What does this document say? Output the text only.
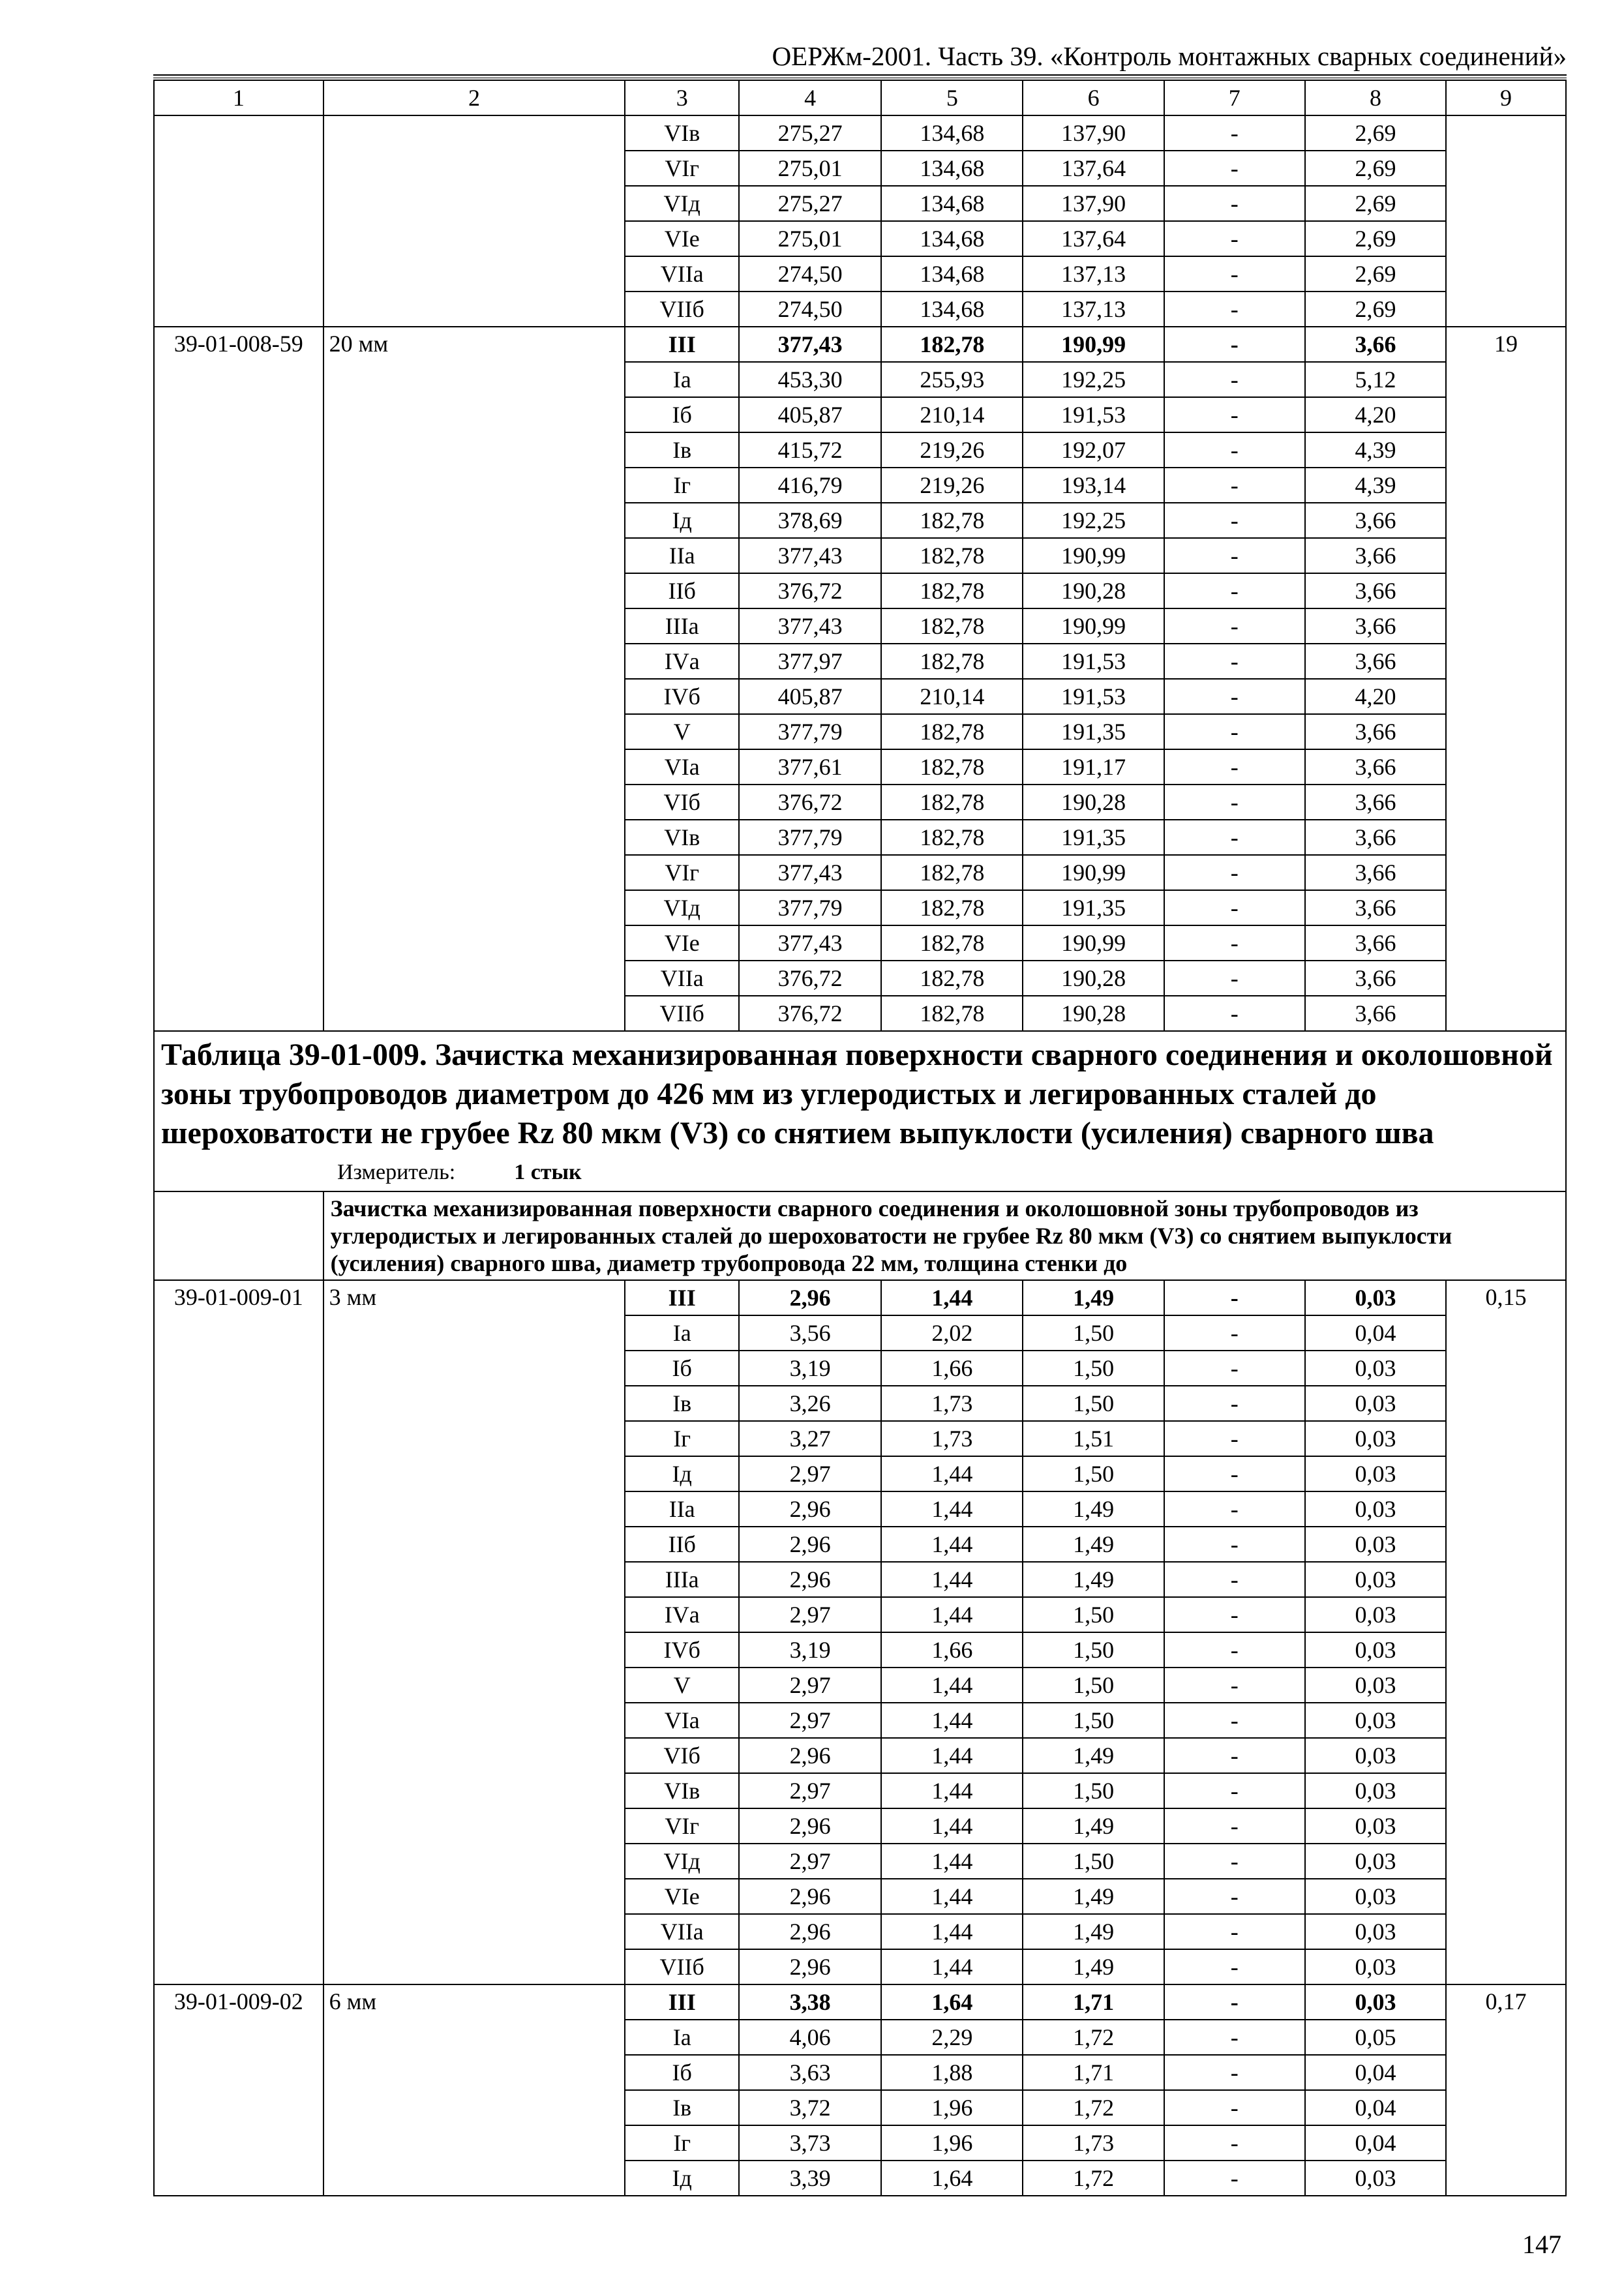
ОЕРЖм-2001. Часть 39. «Контроль монтажных сварных соединений»
1	2	3	4	5	6	7	8	9
		VIв	275,27	134,68	137,90	-	2,69	
		VIг	275,01	134,68	137,64	-	2,69	
		VIд	275,27	134,68	137,90	-	2,69	
		VIе	275,01	134,68	137,64	-	2,69	
		VIIа	274,50	134,68	137,13	-	2,69	
		VIIб	274,50	134,68	137,13	-	2,69	
39-01-008-59	20 мм	III	377,43	182,78	190,99	-	3,66	19
		Iа	453,30	255,93	192,25	-	5,12	
		Iб	405,87	210,14	191,53	-	4,20	
		Iв	415,72	219,26	192,07	-	4,39	
		Iг	416,79	219,26	193,14	-	4,39	
		Iд	378,69	182,78	192,25	-	3,66	
		IIа	377,43	182,78	190,99	-	3,66	
		IIб	376,72	182,78	190,28	-	3,66	
		IIIа	377,43	182,78	190,99	-	3,66	
		IVа	377,97	182,78	191,53	-	3,66	
		IVб	405,87	210,14	191,53	-	4,20	
		V	377,79	182,78	191,35	-	3,66	
		VIа	377,61	182,78	191,17	-	3,66	
		VIб	376,72	182,78	190,28	-	3,66	
		VIв	377,79	182,78	191,35	-	3,66	
		VIг	377,43	182,78	190,99	-	3,66	
		VIд	377,79	182,78	191,35	-	3,66	
		VIе	377,43	182,78	190,99	-	3,66	
		VIIа	376,72	182,78	190,28	-	3,66	
		VIIб	376,72	182,78	190,28	-	3,66	

Таблица 39-01-009. Зачистка механизированная поверхности сварного соединения и околошовной зоны трубопроводов диаметром до 426 мм из углеродистых и легированных сталей до шероховатости не грубее Rz 80 мкм (V3) со снятием выпуклости (усиления) сварного шва
Измеритель: 1 стык								

	Зачистка механизированная поверхности сварного соединения и околошовной зоны трубопроводов из углеродистых и легированных сталей до шероховатости не грубее Rz 80 мкм (V3) со снятием выпуклости (усиления) сварного шва, диаметр трубопровода 22 мм, толщина стенки до							
39-01-009-01	3 мм	III	2,96	1,44	1,49	-	0,03	0,15
		Iа	3,56	2,02	1,50	-	0,04	
		Iб	3,19	1,66	1,50	-	0,03	
		Iв	3,26	1,73	1,50	-	0,03	
		Iг	3,27	1,73	1,51	-	0,03	
		Iд	2,97	1,44	1,50	-	0,03	
		IIа	2,96	1,44	1,49	-	0,03	
		IIб	2,96	1,44	1,49	-	0,03	
		IIIа	2,96	1,44	1,49	-	0,03	
		IVа	2,97	1,44	1,50	-	0,03	
		IVб	3,19	1,66	1,50	-	0,03	
		V	2,97	1,44	1,50	-	0,03	
		VIа	2,97	1,44	1,50	-	0,03	
		VIб	2,96	1,44	1,49	-	0,03	
		VIв	2,97	1,44	1,50	-	0,03	
		VIг	2,96	1,44	1,49	-	0,03	
		VIд	2,97	1,44	1,50	-	0,03	
		VIе	2,96	1,44	1,49	-	0,03	
		VIIа	2,96	1,44	1,49	-	0,03	
		VIIб	2,96	1,44	1,49	-	0,03	
39-01-009-02	6 мм	III	3,38	1,64	1,71	-	0,03	0,17
		Iа	4,06	2,29	1,72	-	0,05	
		Iб	3,63	1,88	1,71	-	0,04	
		Iв	3,72	1,96	1,72	-	0,04	
		Iг	3,73	1,96	1,73	-	0,04	
		Iд	3,39	1,64	1,72	-	0,03	
147
